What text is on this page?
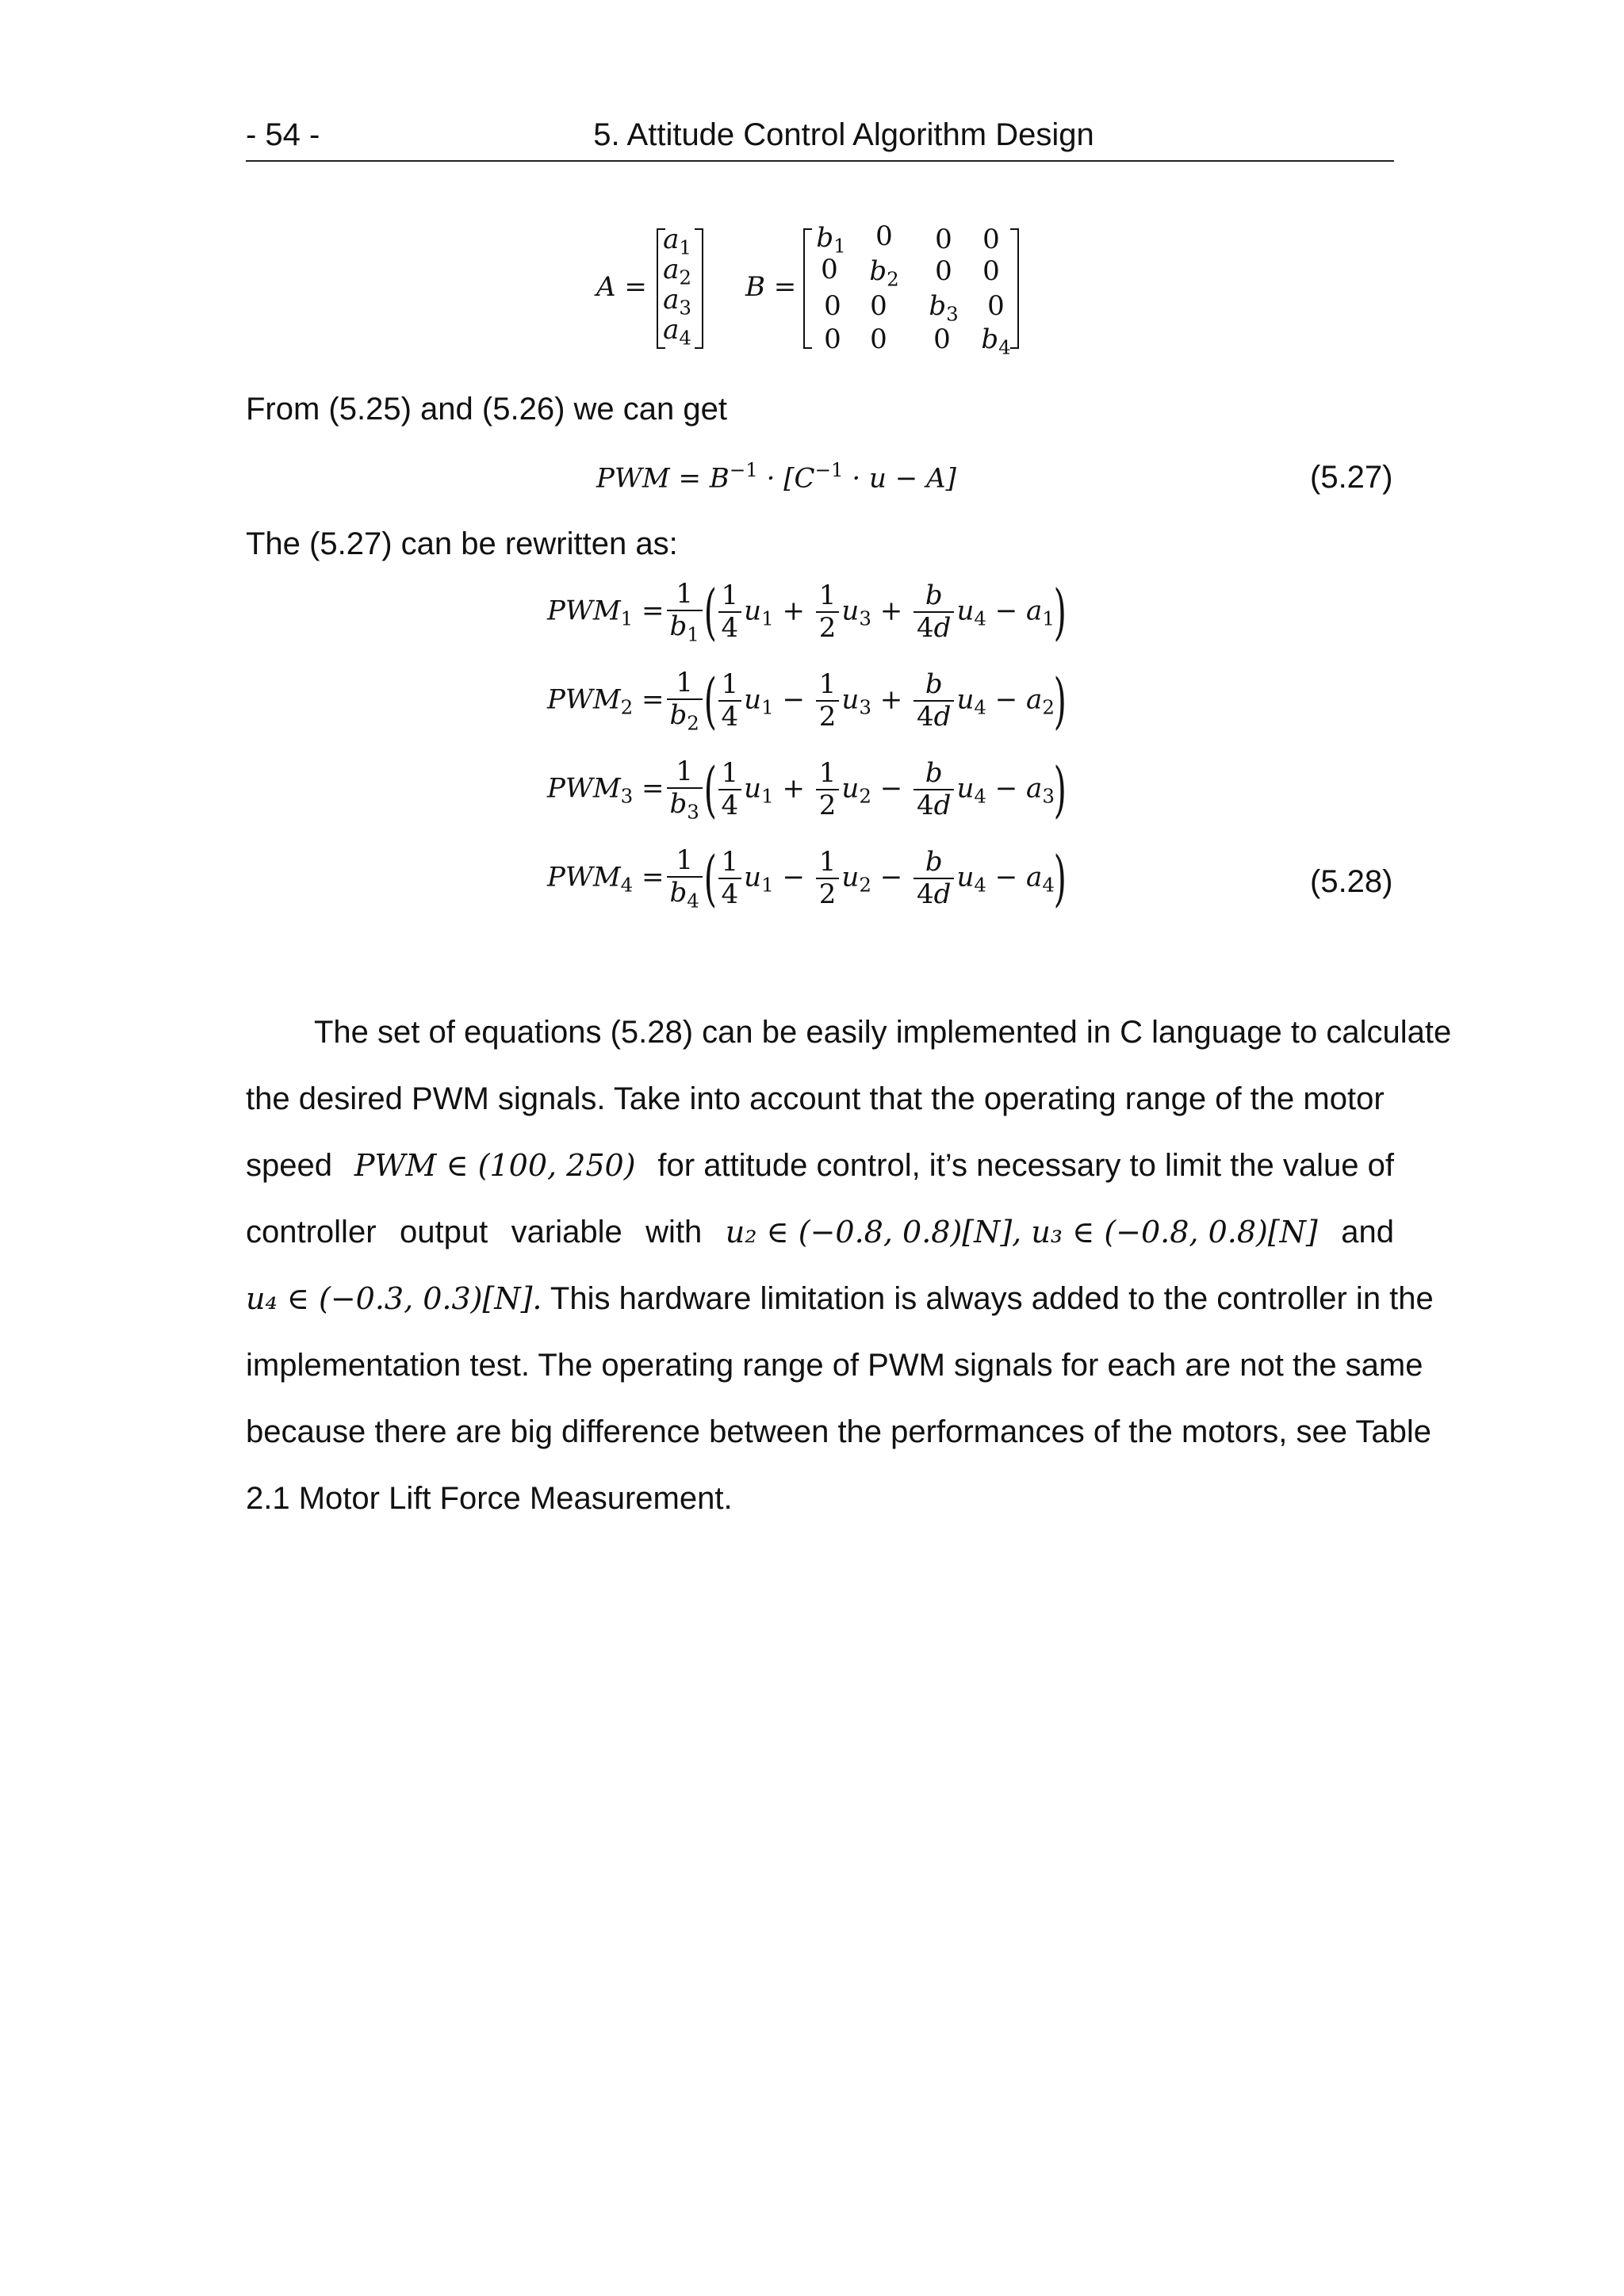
- 54 -	5. Attitude Control Algorithm Design
A =
$a_1$
$a_2$
$a_3$
$a_4$
B =
$b_1$	0	0	0
0	$b_2$	0	0
0	0	$b_3$	0
0	0	0	$b_4$
From (5.25) and (5.26) we can get
PWM = $B^{-1} \cdot [C^{-1} \cdot u - A]$	(5.27)
The (5.27) can be rewritten as:
$PWM_1 = \frac{1}{b_1}$ ( $\frac{1}{4} u_1 + \frac{1}{2} u_3 + \frac{b}{4d} u_4 - a_1$)
$PWM_2 = \frac{1}{b_2}$ ( $\frac{1}{4} u_1 - \frac{1}{2} u_3 + \frac{b}{4d} u_4 - a_2$)
$PWM_3 = \frac{1}{b_3}$ ( $\frac{1}{4} u_1 + \frac{1}{2} u_2 - \frac{b}{4d} u_4 - a_3$)
$PWM_4 = \frac{1}{b_4}$ ( $\frac{1}{4} u_1 - \frac{1}{2} u_2 - \frac{b}{4d} u_4 - a_4$)	(5.28)
The set of equations (5.28) can be easily implemented in C language to calculate
the desired PWM signals. Take into account that the operating range of the motor
speed PWM ∈ (100, 250) for attitude control, it’s necessary to limit the value of
controller output variable with u₂ ∈ (−0.8, 0.8)[N], u₃ ∈ (−0.8, 0.8)[N] and
u₄ ∈ (−0.3, 0.3)[N]. This hardware limitation is always added to the controller in the
implementation test. The operating range of PWM signals for each are not the same
because there are big difference between the performances of the motors, see Table
2.1 Motor Lift Force Measurement.
